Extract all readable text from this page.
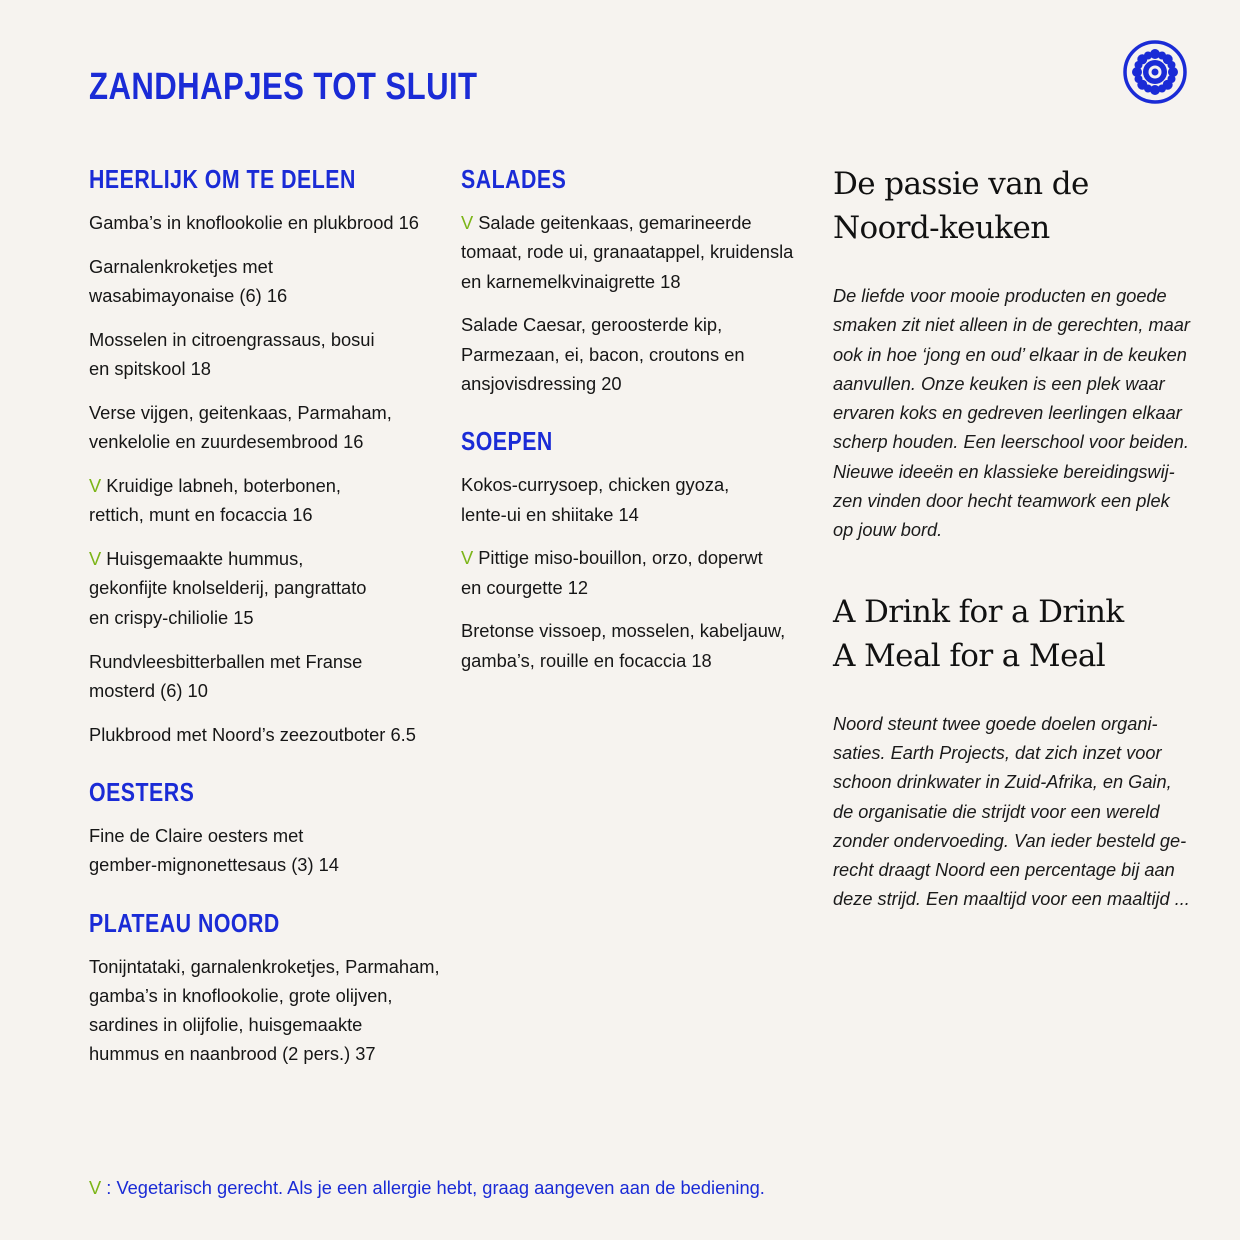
ZANDHAPJES TOT SLUIT
HEERLIJK OM TE DELEN
Gamba’s in knoflookolie en plukbrood 16
Garnalenkroketjes met
wasabimayonaise (6) 16
Mosselen in citroengrassaus, bosui
en spitskool 18
Verse vijgen, geitenkaas, Parmaham,
venkelolie en zuurdesembrood 16
V Kruidige labneh, boterbonen,
rettich, munt en focaccia 16
V Huisgemaakte hummus,
gekonfijte knolselderij, pangrattato
en crispy-chiliolie 15
Rundvleesbitterballen met Franse
mosterd (6) 10
Plukbrood met Noord’s zeezoutboter 6.5
OESTERS
Fine de Claire oesters met
gember-mignonettesaus (3) 14
PLATEAU NOORD
Tonijntataki, garnalenkroketjes, Parmaham,
gamba’s in knoflookolie, grote olijven,
sardines in olijfolie, huisgemaakte
hummus en naanbrood (2 pers.) 37
SALADES
V Salade geitenkaas, gemarineerde
tomaat, rode ui, granaatappel, kruidensla
en karnemelkvinaigrette 18
Salade Caesar, geroosterde kip,
Parmezaan, ei, bacon, croutons en
ansjovisdressing 20
SOEPEN
Kokos-currysoep, chicken gyoza,
lente-ui en shiitake 14
V Pittige miso-bouillon, orzo, doperwt
en courgette 12
Bretonse vissoep, mosselen, kabeljauw,
gamba’s, rouille en focaccia 18
De passie van de
Noord-keuken
De liefde voor mooie producten en goede
smaken zit niet alleen in de gerechten, maar
ook in hoe ‘jong en oud’ elkaar in de keuken
aanvullen. Onze keuken is een plek waar
ervaren koks en gedreven leerlingen elkaar
scherp houden. Een leerschool voor beiden.
Nieuwe ideeën en klassieke bereidingswij-
zen vinden door hecht teamwork een plek
op jouw bord.
A Drink for a Drink
A Meal for a Meal
Noord steunt twee goede doelen organi-
saties. Earth Projects, dat zich inzet voor
schoon drinkwater in Zuid-Afrika, en Gain,
de organisatie die strijdt voor een wereld
zonder ondervoeding. Van ieder besteld ge-
recht draagt Noord een percentage bij aan
deze strijd. Een maaltijd voor een maaltijd ...
V : Vegetarisch gerecht. Als je een allergie hebt, graag aangeven aan de bediening.
